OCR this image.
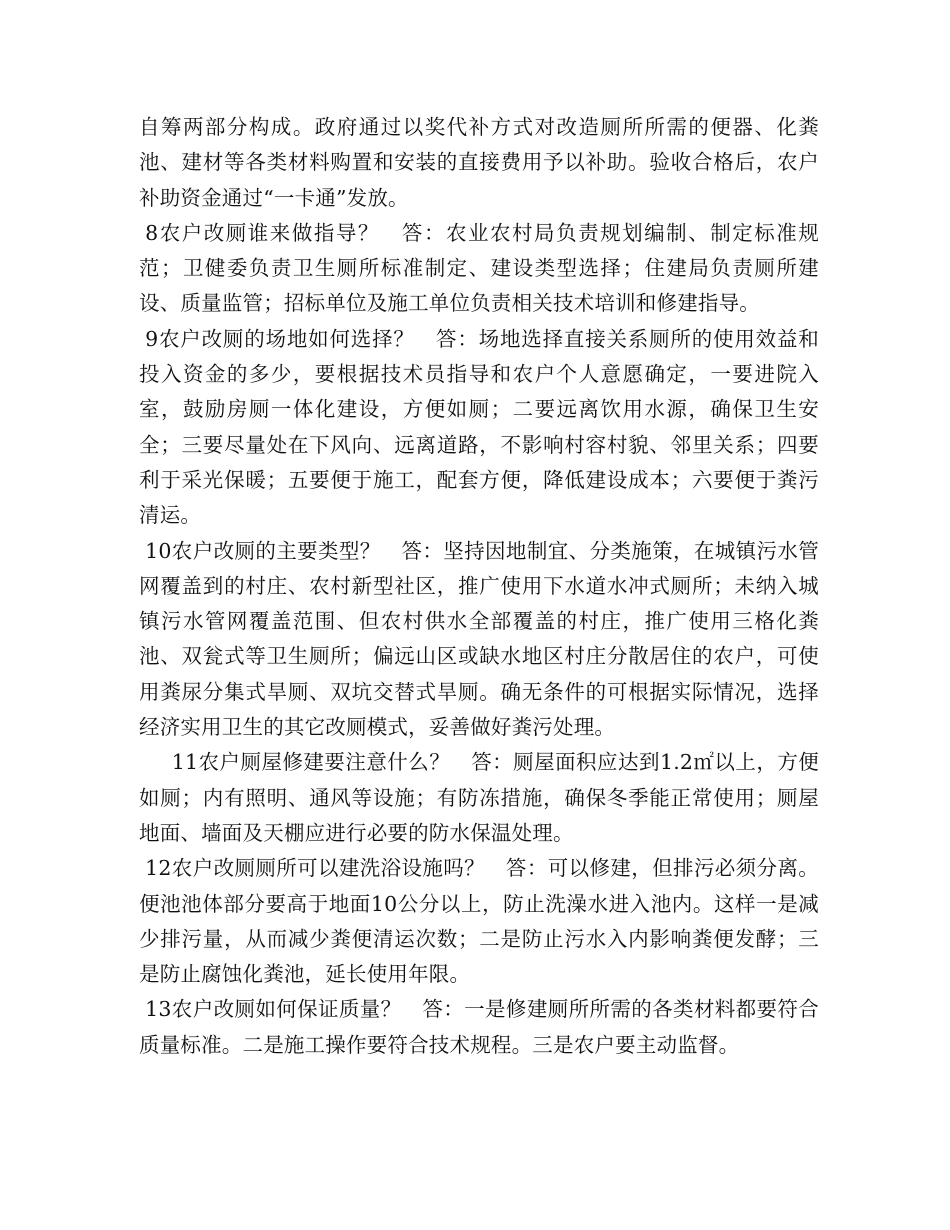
自筹两部分构成。政府通过以奖代补方式对改造厕所所需的便器、化粪池、建材等各类材料购置和安装的直接费用予以补助。验收合格后，农户补助资金通过“一卡通”发放。

8农户改厕谁来做指导？　答：农业农村局负责规划编制、制定标准规范；卫健委负责卫生厕所标准制定、建设类型选择；住建局负责厕所建设、质量监管；招标单位及施工单位负责相关技术培训和修建指导。

9农户改厕的场地如何选择？　答：场地选择直接关系厕所的使用效益和投入资金的多少，要根据技术员指导和农户个人意愿确定，一要进院入室，鼓励房厕一体化建设，方便如厕；二要远离饮用水源，确保卫生安全；三要尽量处在下风向、远离道路，不影响村容村貌、邻里关系；四要利于采光保暖；五要便于施工，配套方便，降低建设成本；六要便于粪污清运。

10农户改厕的主要类型？　答：坚持因地制宜、分类施策，在城镇污水管网覆盖到的村庄、农村新型社区，推广使用下水道水冲式厕所；未纳入城镇污水管网覆盖范围、但农村供水全部覆盖的村庄，推广使用三格化粪池、双瓮式等卫生厕所；偏远山区或缺水地区村庄分散居住的农户，可使用粪尿分集式旱厕、双坑交替式旱厕。确无条件的可根据实际情况，选择经济实用卫生的其它改厕模式，妥善做好粪污处理。

11农户厕屋修建要注意什么？　答：厕屋面积应达到1.2㎡以上，方便如厕；内有照明、通风等设施；有防冻措施，确保冬季能正常使用；厕屋地面、墙面及天棚应进行必要的防水保温处理。

12农户改厕厕所可以建洗浴设施吗？　答：可以修建，但排污必须分离。便池池体部分要高于地面10公分以上，防止洗澡水进入池内。这样一是减少排污量，从而减少粪便清运次数；二是防止污水入内影响粪便发酵；三是防止腐蚀化粪池，延长使用年限。

13农户改厕如何保证质量？　答：一是修建厕所所需的各类材料都要符合质量标准。二是施工操作要符合技术规程。三是农户要主动监督。
